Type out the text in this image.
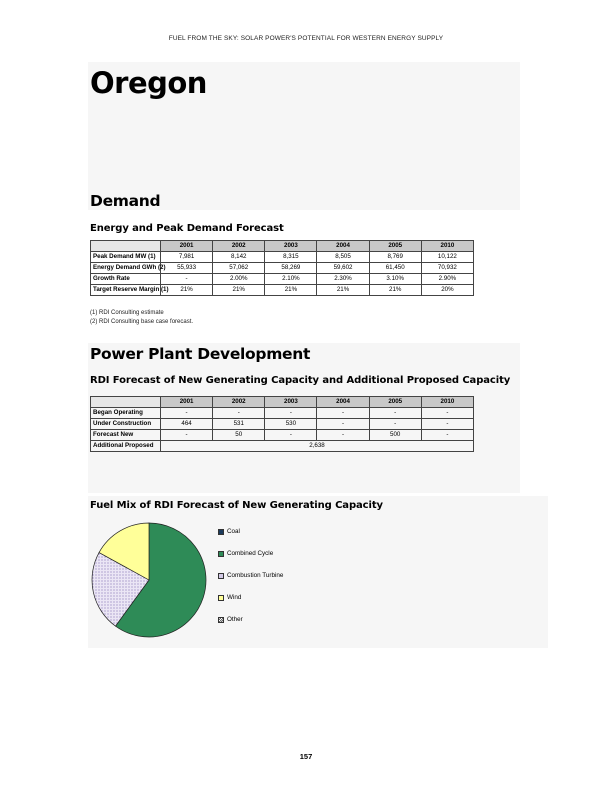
FUEL FROM THE SKY: SOLAR POWER'S POTENTIAL FOR WESTERN ENERGY SUPPLY
Oregon
Demand
Energy and Peak Demand Forecast
	2001	2002	2003	2004	2005	2010
Peak Demand MW (1)	7,981	8,142	8,315	8,505	8,769	10,122
Energy Demand GWh (2)	55,933	57,062	58,269	59,602	61,450	70,932
Growth Rate	-	2.00%	2.10%	2.30%	3.10%	2.90%
Target Reserve Margin (1)	21%	21%	21%	21%	21%	20%
(1) RDI Consulting estimate
(2) RDI Consulting base case forecast.
Power Plant Development
RDI Forecast of New Generating Capacity and Additional Proposed Capacity
	2001	2002	2003	2004	2005	2010
Began Operating	-	-	-	-	-	-
Under Construction	464	531	530	-	-	-
Forecast New	-	50	-	-	500	-
Additional Proposed	2,638					
Fuel Mix of RDI Forecast of New Generating Capacity
Coal
Combined Cycle
Combustion Turbine
Wind
Other
157
